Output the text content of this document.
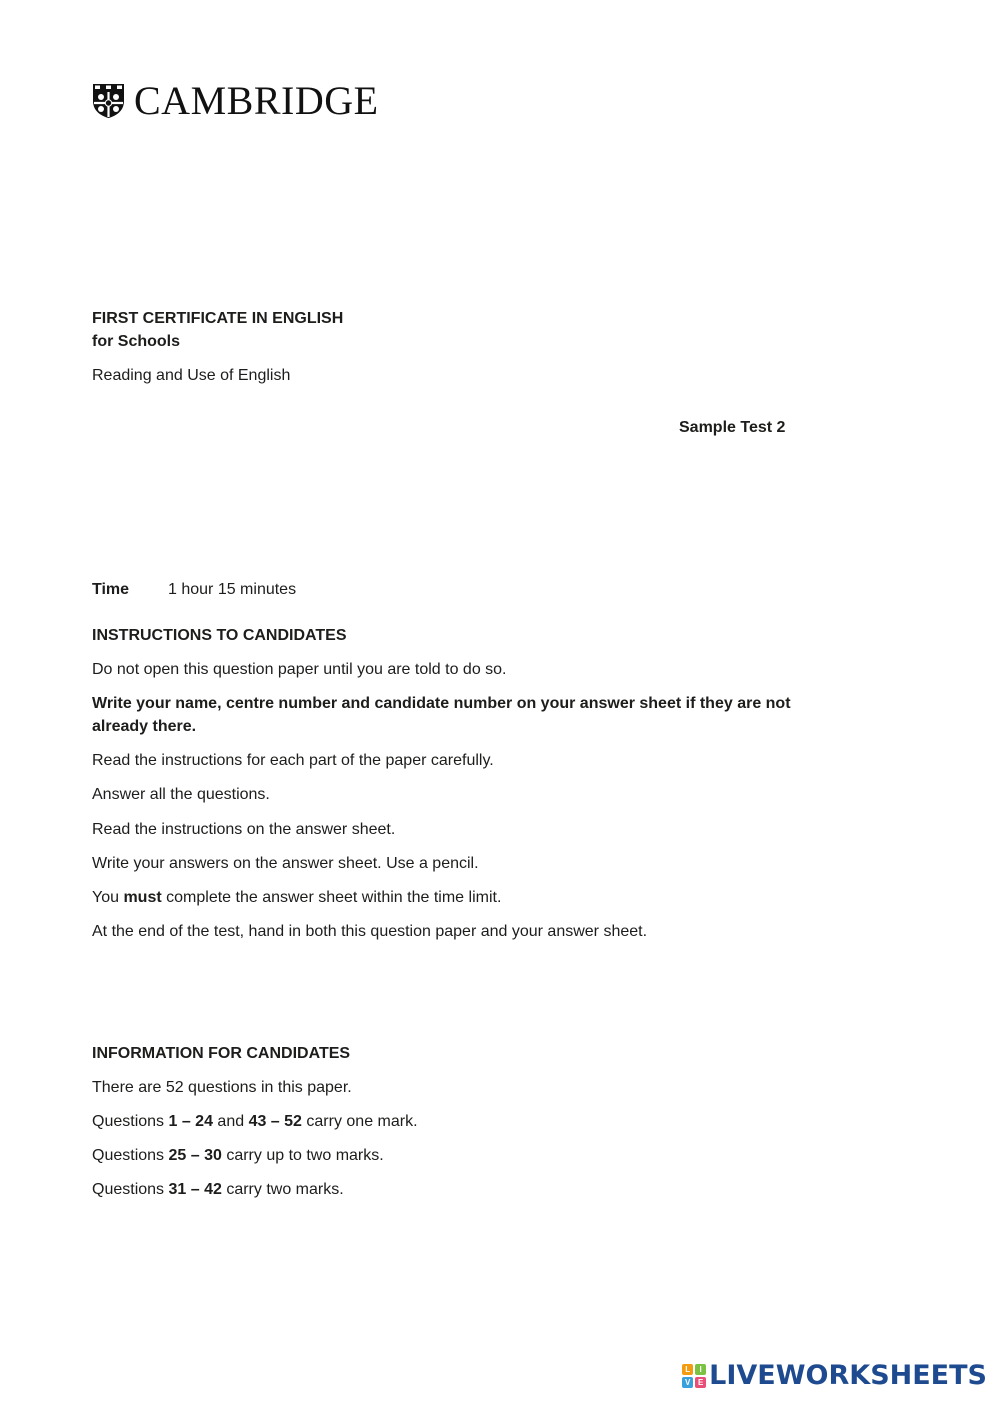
CAMBRIDGE
FIRST CERTIFICATE IN ENGLISH
for Schools
Reading and Use of English
Sample Test 2
Time 1 hour 15 minutes
INSTRUCTIONS TO CANDIDATES
Do not open this question paper until you are told to do so.
Write your name, centre number and candidate number on your answer sheet if they are not already there.
Read the instructions for each part of the paper carefully.
Answer all the questions.
Read the instructions on the answer sheet.
Write your answers on the answer sheet. Use a pencil.
You must complete the answer sheet within the time limit.
At the end of the test, hand in both this question paper and your answer sheet.
INFORMATION FOR CANDIDATES
There are 52 questions in this paper.
Questions 1 – 24 and 43 – 52 carry one mark.
Questions 25 – 30 carry up to two marks.
Questions 31 – 42 carry two marks.
L	I
V E LIVEWORKSHEETS
